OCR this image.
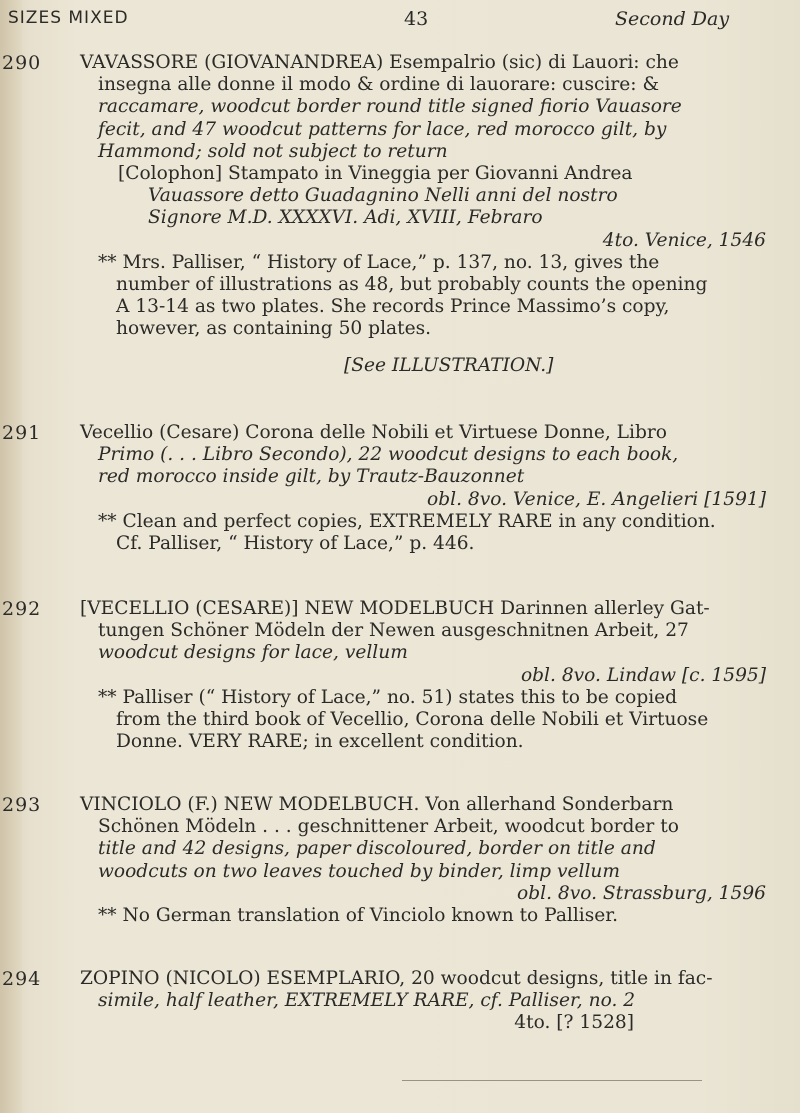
SIZES MIXED	43	Second Day
290 VAVASSORE (GIOVANANDREA) Esempalrio (sic) di Lauori: che
insegna alle donne il modo & ordine di lauorare: cuscire: &
raccamare, woodcut border round title signed fiorio Vauasore
fecit, and 47 woodcut patterns for lace, red morocco gilt, by
Hammond; sold not subject to return
[Colophon] Stampato in Vineggia per Giovanni Andrea
Vauassore detto Guadagnino Nelli anni del nostro
Signore M.D. XXXXVI. Adi, XVIII, Febraro
4to. Venice, 1546
** Mrs. Palliser, “ History of Lace,” p. 137, no. 13, gives the
number of illustrations as 48, but probably counts the opening
A 13-14 as two plates. She records Prince Massimo’s copy,
however, as containing 50 plates.
[See ILLUSTRATION.]
291 Vecellio (Cesare) Corona delle Nobili et Virtuese Donne, Libro
Primo (. . . Libro Secondo), 22 woodcut designs to each book,
red morocco inside gilt, by Trautz-Bauzonnet
obl. 8vo. Venice, E. Angelieri [1591]
** Clean and perfect copies, EXTREMELY RARE in any condition.
Cf. Palliser, “ History of Lace,” p. 446.
292 [VECELLIO (CESARE)] NEW MODELBUCH Darinnen allerley Gat-
tungen Schöner Mödeln der Newen ausgeschnitnen Arbeit, 27
woodcut designs for lace, vellum
obl. 8vo. Lindaw [c. 1595]
** Palliser (“ History of Lace,” no. 51) states this to be copied
from the third book of Vecellio, Corona delle Nobili et Virtuose
Donne. VERY RARE; in excellent condition.
293 VINCIOLO (F.) NEW MODELBUCH. Von allerhand Sonderbarn
Schönen Mödeln . . . geschnittener Arbeit, woodcut border to
title and 42 designs, paper discoloured, border on title and
woodcuts on two leaves touched by binder, limp vellum
obl. 8vo. Strassburg, 1596
** No German translation of Vinciolo known to Palliser.
294 ZOPINO (NICOLO) ESEMPLARIO, 20 woodcut designs, title in fac-
simile, half leather, EXTREMELY RARE, cf. Palliser, no. 2
4to. [? 1528]
